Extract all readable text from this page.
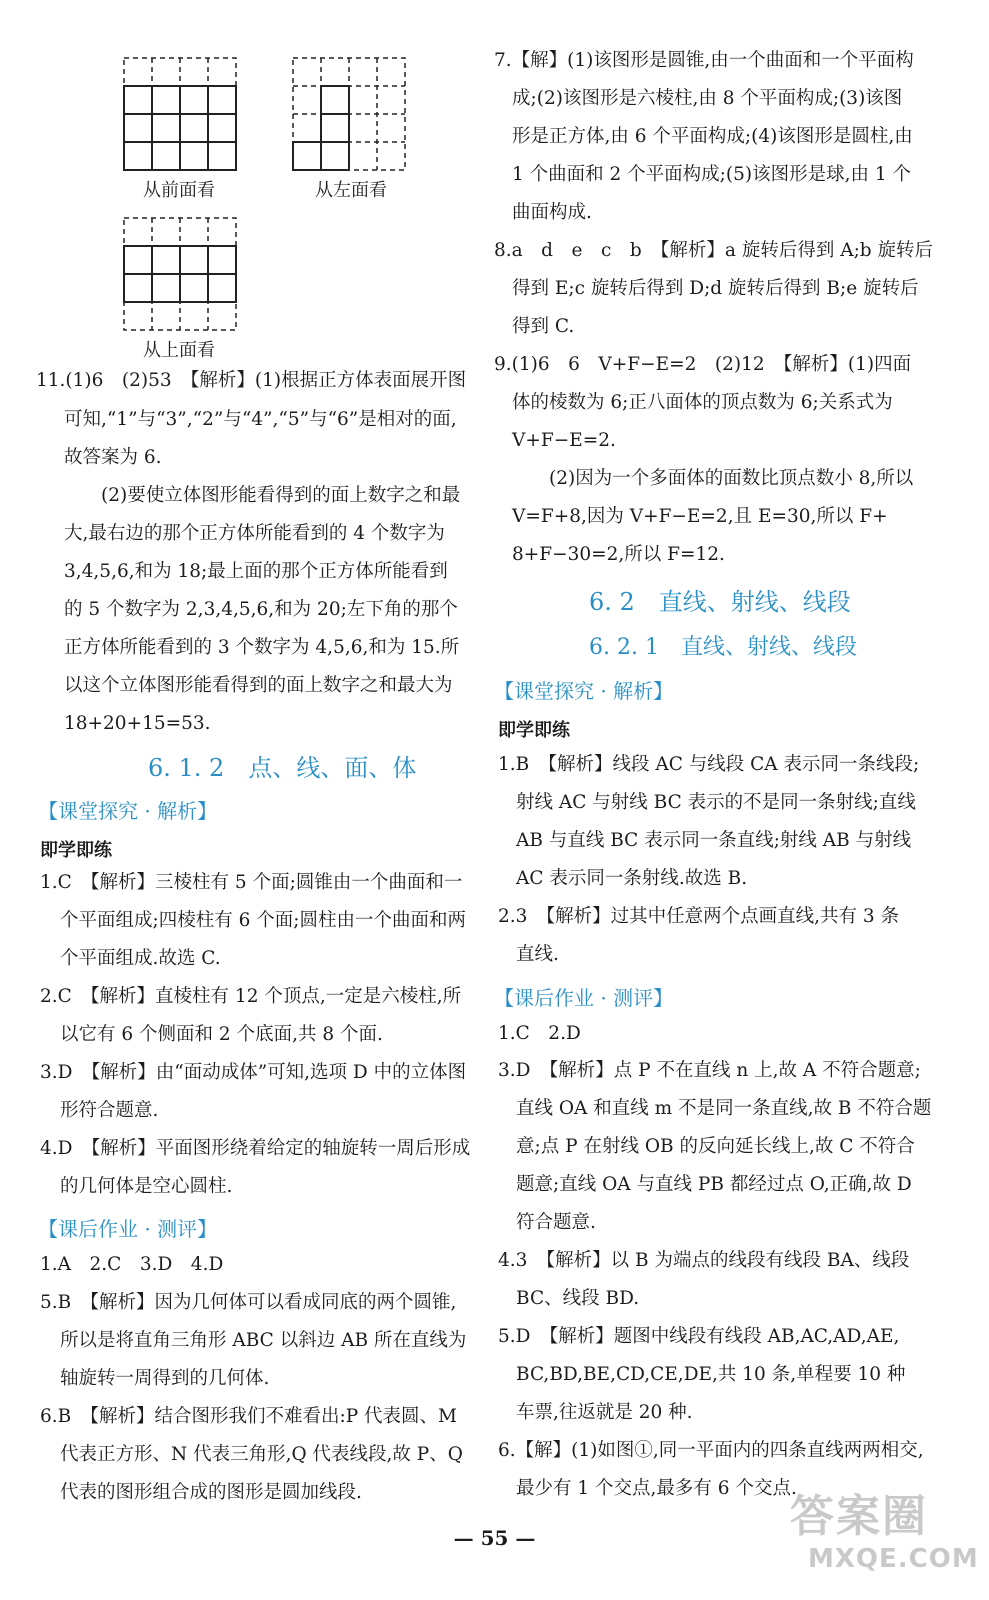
从前面看	从左面看
从上面看
11.(1)6　(2)53　【解析】(1)根据正方体表面展开图
可知,“1”与“3”,“2”与“4”,“5”与“6”是相对的面,
故答案为 6.
　　(2)要使立体图形能看得到的面上数字之和最
大,最右边的那个正方体所能看到的 4 个数字为
3,4,5,6,和为 18;最上面的那个正方体所能看到
的 5 个数字为 2,3,4,5,6,和为 20;左下角的那个
正方体所能看到的 3 个数字为 4,5,6,和为 15.所
以这个立体图形能看得到的面上数字之和最大为
18+20+15=53.
6. 1. 2　点、线、面、体
【课堂探究 · 解析】
即学即练
1.C　【解析】三棱柱有 5 个面;圆锥由一个曲面和一
个平面组成;四棱柱有 6 个面;圆柱由一个曲面和两
个平面组成.故选 C.
2.C　【解析】直棱柱有 12 个顶点,一定是六棱柱,所
以它有 6 个侧面和 2 个底面,共 8 个面.
3.D　【解析】由“面动成体”可知,选项 D 中的立体图
形符合题意.
4.D　【解析】平面图形绕着给定的轴旋转一周后形成
的几何体是空心圆柱.
【课后作业 · 测评】
1.A　2.C　3.D　4.D
5.B　【解析】因为几何体可以看成同底的两个圆锥,
所以是将直角三角形 ABC 以斜边 AB 所在直线为
轴旋转一周得到的几何体.
6.B　【解析】结合图形我们不难看出:P 代表圆、M
代表正方形、N 代表三角形,Q 代表线段,故 P、Q
代表的图形组合成的图形是圆加线段.
7.【解】(1)该图形是圆锥,由一个曲面和一个平面构
成;(2)该图形是六棱柱,由 8 个平面构成;(3)该图
形是正方体,由 6 个平面构成;(4)该图形是圆柱,由
1 个曲面和 2 个平面构成;(5)该图形是球,由 1 个
曲面构成.
8.a　d　e　c　b　【解析】a 旋转后得到 A;b 旋转后
得到 E;c 旋转后得到 D;d 旋转后得到 B;e 旋转后
得到 C.
9.(1)6　6　V+F−E=2　(2)12　【解析】(1)四面
体的棱数为 6;正八面体的顶点数为 6;关系式为
V+F−E=2.
　　(2)因为一个多面体的面数比顶点数小 8,所以
V=F+8,因为 V+F−E=2,且 E=30,所以 F+
8+F−30=2,所以 F=12.
6. 2　直线、射线、线段
6. 2. 1　直线、射线、线段
【课堂探究 · 解析】
即学即练
1.B　【解析】线段 AC 与线段 CA 表示同一条线段;
射线 AC 与射线 BC 表示的不是同一条射线;直线
AB 与直线 BC 表示同一条直线;射线 AB 与射线
AC 表示同一条射线.故选 B.
2.3　【解析】过其中任意两个点画直线,共有 3 条
直线.
【课后作业 · 测评】
1.C　2.D
3.D　【解析】点 P 不在直线 n 上,故 A 不符合题意;
直线 OA 和直线 m 不是同一条直线,故 B 不符合题
意;点 P 在射线 OB 的反向延长线上,故 C 不符合
题意;直线 OA 与直线 PB 都经过点 O,正确,故 D
符合题意.
4.3　【解析】以 B 为端点的线段有线段 BA、线段
BC、线段 BD.
5.D　【解析】题图中线段有线段 AB,AC,AD,AE,
BC,BD,BE,CD,CE,DE,共 10 条,单程要 10 种
车票,往返就是 20 种.
6.【解】(1)如图①,同一平面内的四条直线两两相交,
最少有 1 个交点,最多有 6 个交点.
— 55 —	答案圈
MXQE.COM
